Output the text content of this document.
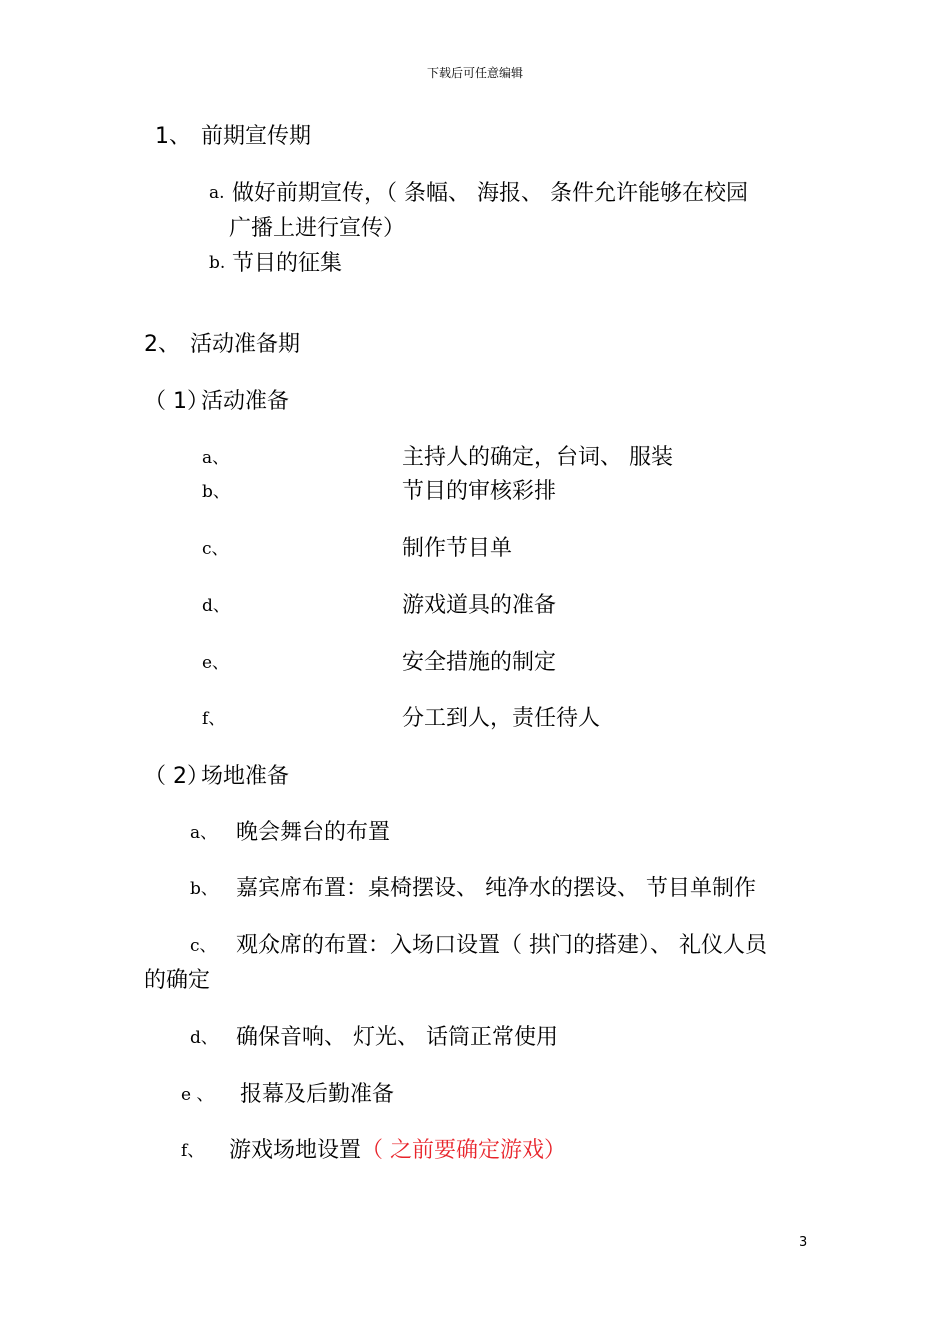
下载后可任意编辑
1、 前期宣传期
a. 做好前期宣传，（ 条幅、 海报、 条件允许能够在校园
广播上进行宣传）
b. 节目的征集
2、 活动准备期
（ 1）
活动准备
a、	主持人的确定，台词、 服装
b、	节目的审核彩排
c、	制作节目单
d、	游戏道具的准备
e、	安全措施的制定
f、	分工到人，责任待人
（ 2）
场地准备
a、 晚会舞台的布置
b、 嘉宾席布置：桌椅摆设、 纯净水的摆设、 节目单制作
c、 观众席的布置：入场口设置（ 拱门的搭建）、 礼仪人员
的确定
d、 确保音响、 灯光、 话筒正常使用
e 、 报幕及后勤准备
f、 游戏场地设置（ 之前要确定游戏）
3
